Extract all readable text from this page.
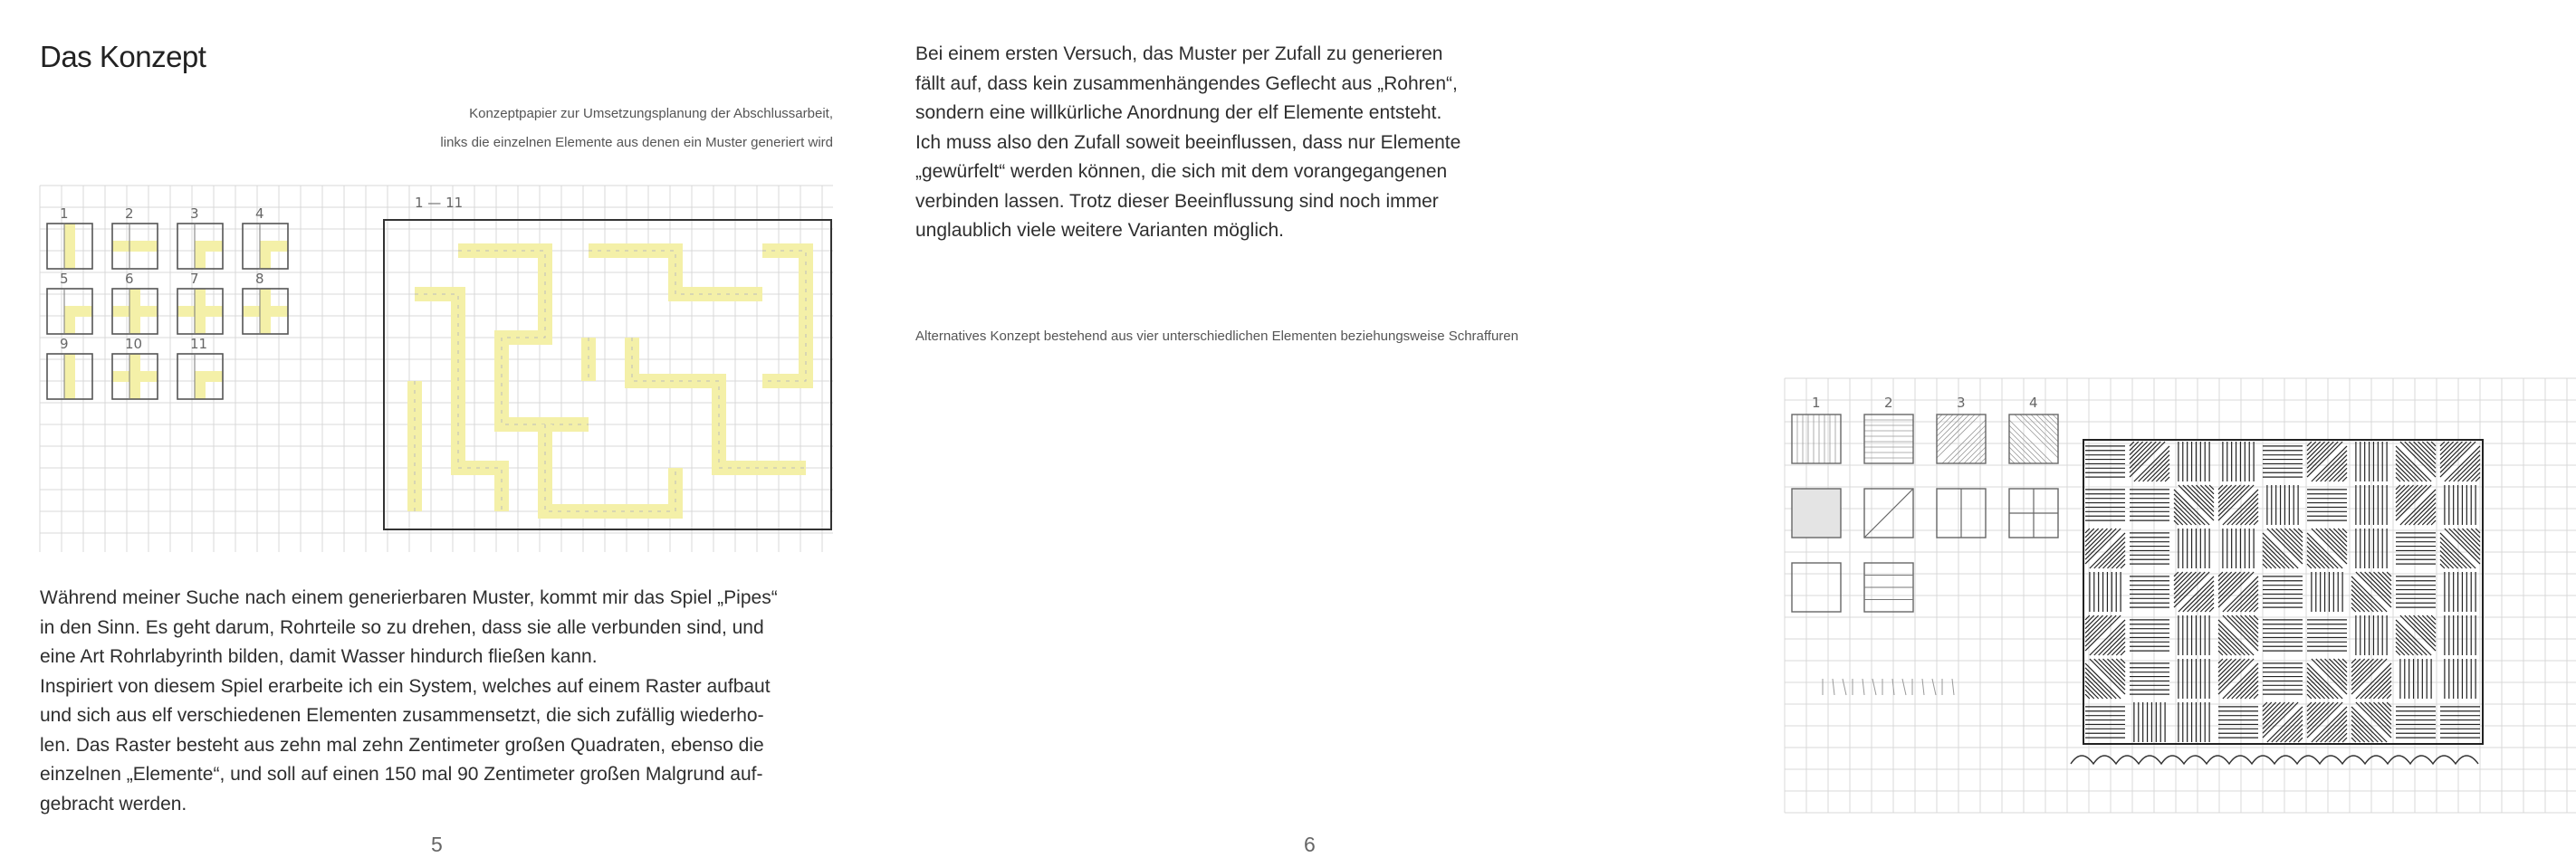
Das Konzept
Konzeptpapier zur Umsetzungsplanung der Abschlussarbeit,
links die einzelnen Elemente aus denen ein Muster generiert wird
1	2	3	4
5	6	7	8
9	10	11
1 — 11
Während meiner Suche nach einem generierbaren Muster, kommt mir das Spiel „Pipes“
in den Sinn. Es geht darum, Rohrteile so zu drehen, dass sie alle verbunden sind, und
eine Art Rohrlabyrinth bilden, damit Wasser hindurch fließen kann.
Inspiriert von diesem Spiel erarbeite ich ein System, welches auf einem Raster aufbaut
und sich aus elf verschiedenen Elementen zusammensetzt, die sich zufällig wiederho-
len. Das Raster besteht aus zehn mal zehn Zentimeter großen Quadraten, ebenso die
einzelnen „Elemente“, und soll auf einen 150 mal 90 Zentimeter großen Malgrund auf-
gebracht werden.
5
Bei einem ersten Versuch, das Muster per Zufall zu generieren
fällt auf, dass kein zusammenhängendes Geflecht aus „Rohren“,
sondern eine willkürliche Anordnung der elf Elemente entsteht.
Ich muss also den Zufall soweit beeinflussen, dass nur Elemente
„gewürfelt“ werden können, die sich mit dem vorangegangenen
verbinden lassen. Trotz dieser Beeinflussung sind noch immer
unglaublich viele weitere Varianten möglich.
Alternatives Konzept bestehend aus vier unterschiedlichen Elementen beziehungsweise Schraffuren
1	2	3	4
6
